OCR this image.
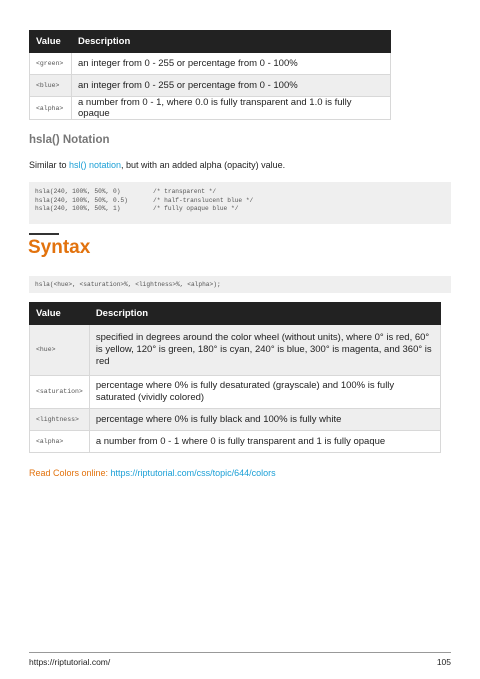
Value	Description
<green>	an integer from 0 - 255 or percentage from 0 - 100%
<blue>	an integer from 0 - 255 or percentage from 0 - 100%
<alpha>	a number from 0 - 1, where 0.0 is fully transparent and 1.0 is fully opaque
hsla() Notation

Similar to hsl() notation, but with an added alpha (opacity) value.

hsla(240, 100%, 50%, 0)	/* transparent */
hsla(240, 100%, 50%, 0.5)	/* half-translucent blue */
hsla(240, 100%, 50%, 1)	/* fully opaque blue */
Syntax
hsla(<hue>, <saturation>%, <lightness>%, <alpha>);
Value	Description
<hue>	specified in degrees around the color wheel (without units), where 0° is red, 60° is yellow, 120° is green, 180° is cyan, 240° is blue, 300° is magenta, and 360° is red
<saturation>	percentage where 0% is fully desaturated (grayscale) and 100% is fully saturated (vividly colored)
<lightness>	percentage where 0% is fully black and 100% is fully white
<alpha>	a number from 0 - 1 where 0 is fully transparent and 1 is fully opaque

Read Colors online: https://riptutorial.com/css/topic/644/colors

https://riptutorial.com/	105
